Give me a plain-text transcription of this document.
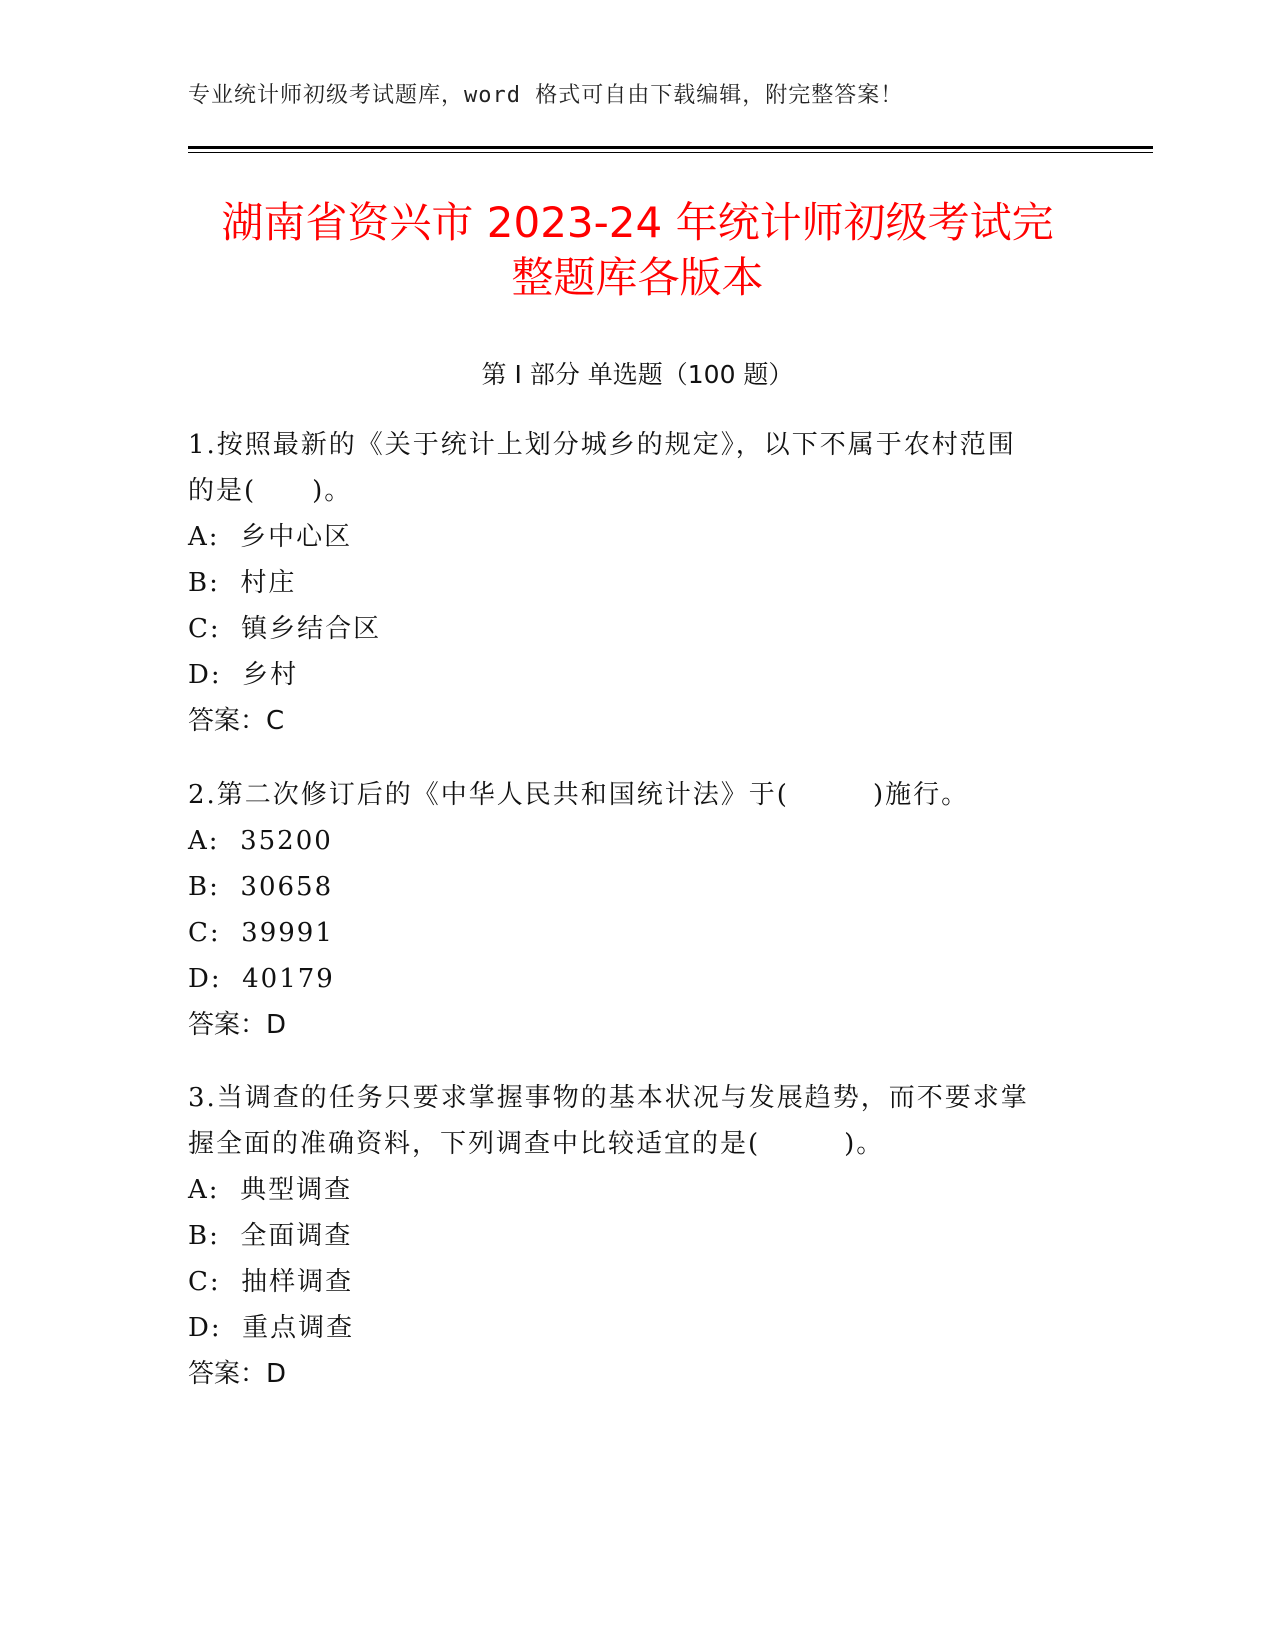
专业统计师初级考试题库，word 格式可自由下载编辑，附完整答案！
湖南省资兴市 2023-24 年统计师初级考试完
整题库各版本
第 I 部分 单选题（100 题）

1.按照最新的《关于统计上划分城乡的规定》，以下不属于农村范围

的是(　　)。

A:  乡中心区

B:  村庄

C:  镇乡结合区

D:  乡村

答案：C

2.第二次修订后的《中华人民共和国统计法》于(　　　)施行。

A:  35200

B:  30658

C:  39991

D:  40179

答案：D

3.当调查的任务只要求掌握事物的基本状况与发展趋势，而不要求掌

握全面的准确资料，下列调查中比较适宜的是(　　　)。

A:  典型调查

B:  全面调查

C:  抽样调查

D:  重点调查

答案：D
